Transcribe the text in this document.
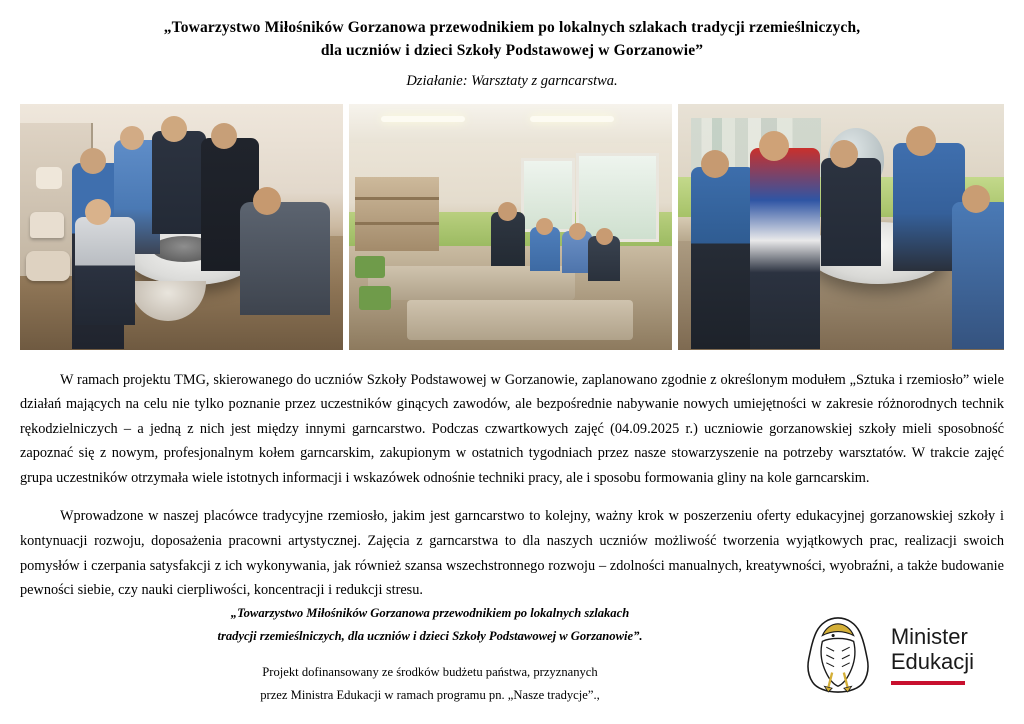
„Towarzystwo Miłośników Gorzanowa przewodnikiem po lokalnych szlakach tradycji rzemieślniczych,
dla uczniów i dzieci Szkoły Podstawowej w Gorzanowie”
Działanie: Warsztaty z garncarstwa.

W ramach projektu TMG, skierowanego do uczniów Szkoły Podstawowej w Gorzanowie, zaplanowano zgodnie z określonym modułem „Sztuka i rzemiosło” wiele działań mających na celu nie tylko poznanie przez uczestników ginących zawodów, ale bezpośrednie nabywanie nowych umiejętności w zakresie różnorodnych technik rękodzielniczych – a jedną z nich jest między innymi garncarstwo. Podczas czwartkowych zajęć (04.09.2025 r.) uczniowie gorzanowskiej szkoły mieli sposobność zapoznać się z nowym, profesjonalnym kołem garncarskim, zakupionym w ostatnich tygodniach przez nasze stowarzyszenie na potrzeby warsztatów. W trakcie zajęć grupa uczestników otrzymała wiele istotnych informacji i wskazówek odnośnie techniki pracy, ale i sposobu formowania gliny na kole garncarskim.

Wprowadzone w naszej placówce tradycyjne rzemiosło, jakim jest garncarstwo to kolejny, ważny krok w poszerzeniu oferty edukacyjnej gorzanowskiej szkoły i kontynuacji rozwoju, doposażenia pracowni artystycznej. Zajęcia z garncarstwa to dla naszych uczniów możliwość tworzenia wyjątkowych prac, realizacji swoich pomysłów i czerpania satysfakcji z ich wykonywania, jak również szansa wszechstronnego rozwoju – zdolności manualnych, kreatywności, wyobraźni, a także budowanie pewności siebie, czy nauki cierpliwości, koncentracji i redukcji stresu.

„Towarzystwo Miłośników Gorzanowa przewodnikiem po lokalnych szlakach
tradycji rzemieślniczych, dla uczniów i dzieci Szkoły Podstawowej w Gorzanowie”.
Projekt dofinansowany ze środków budżetu państwa, przyznanych
przez Ministra Edukacji w ramach programu pn. „Nasze tradycje”.,
Minister
Edukacji
